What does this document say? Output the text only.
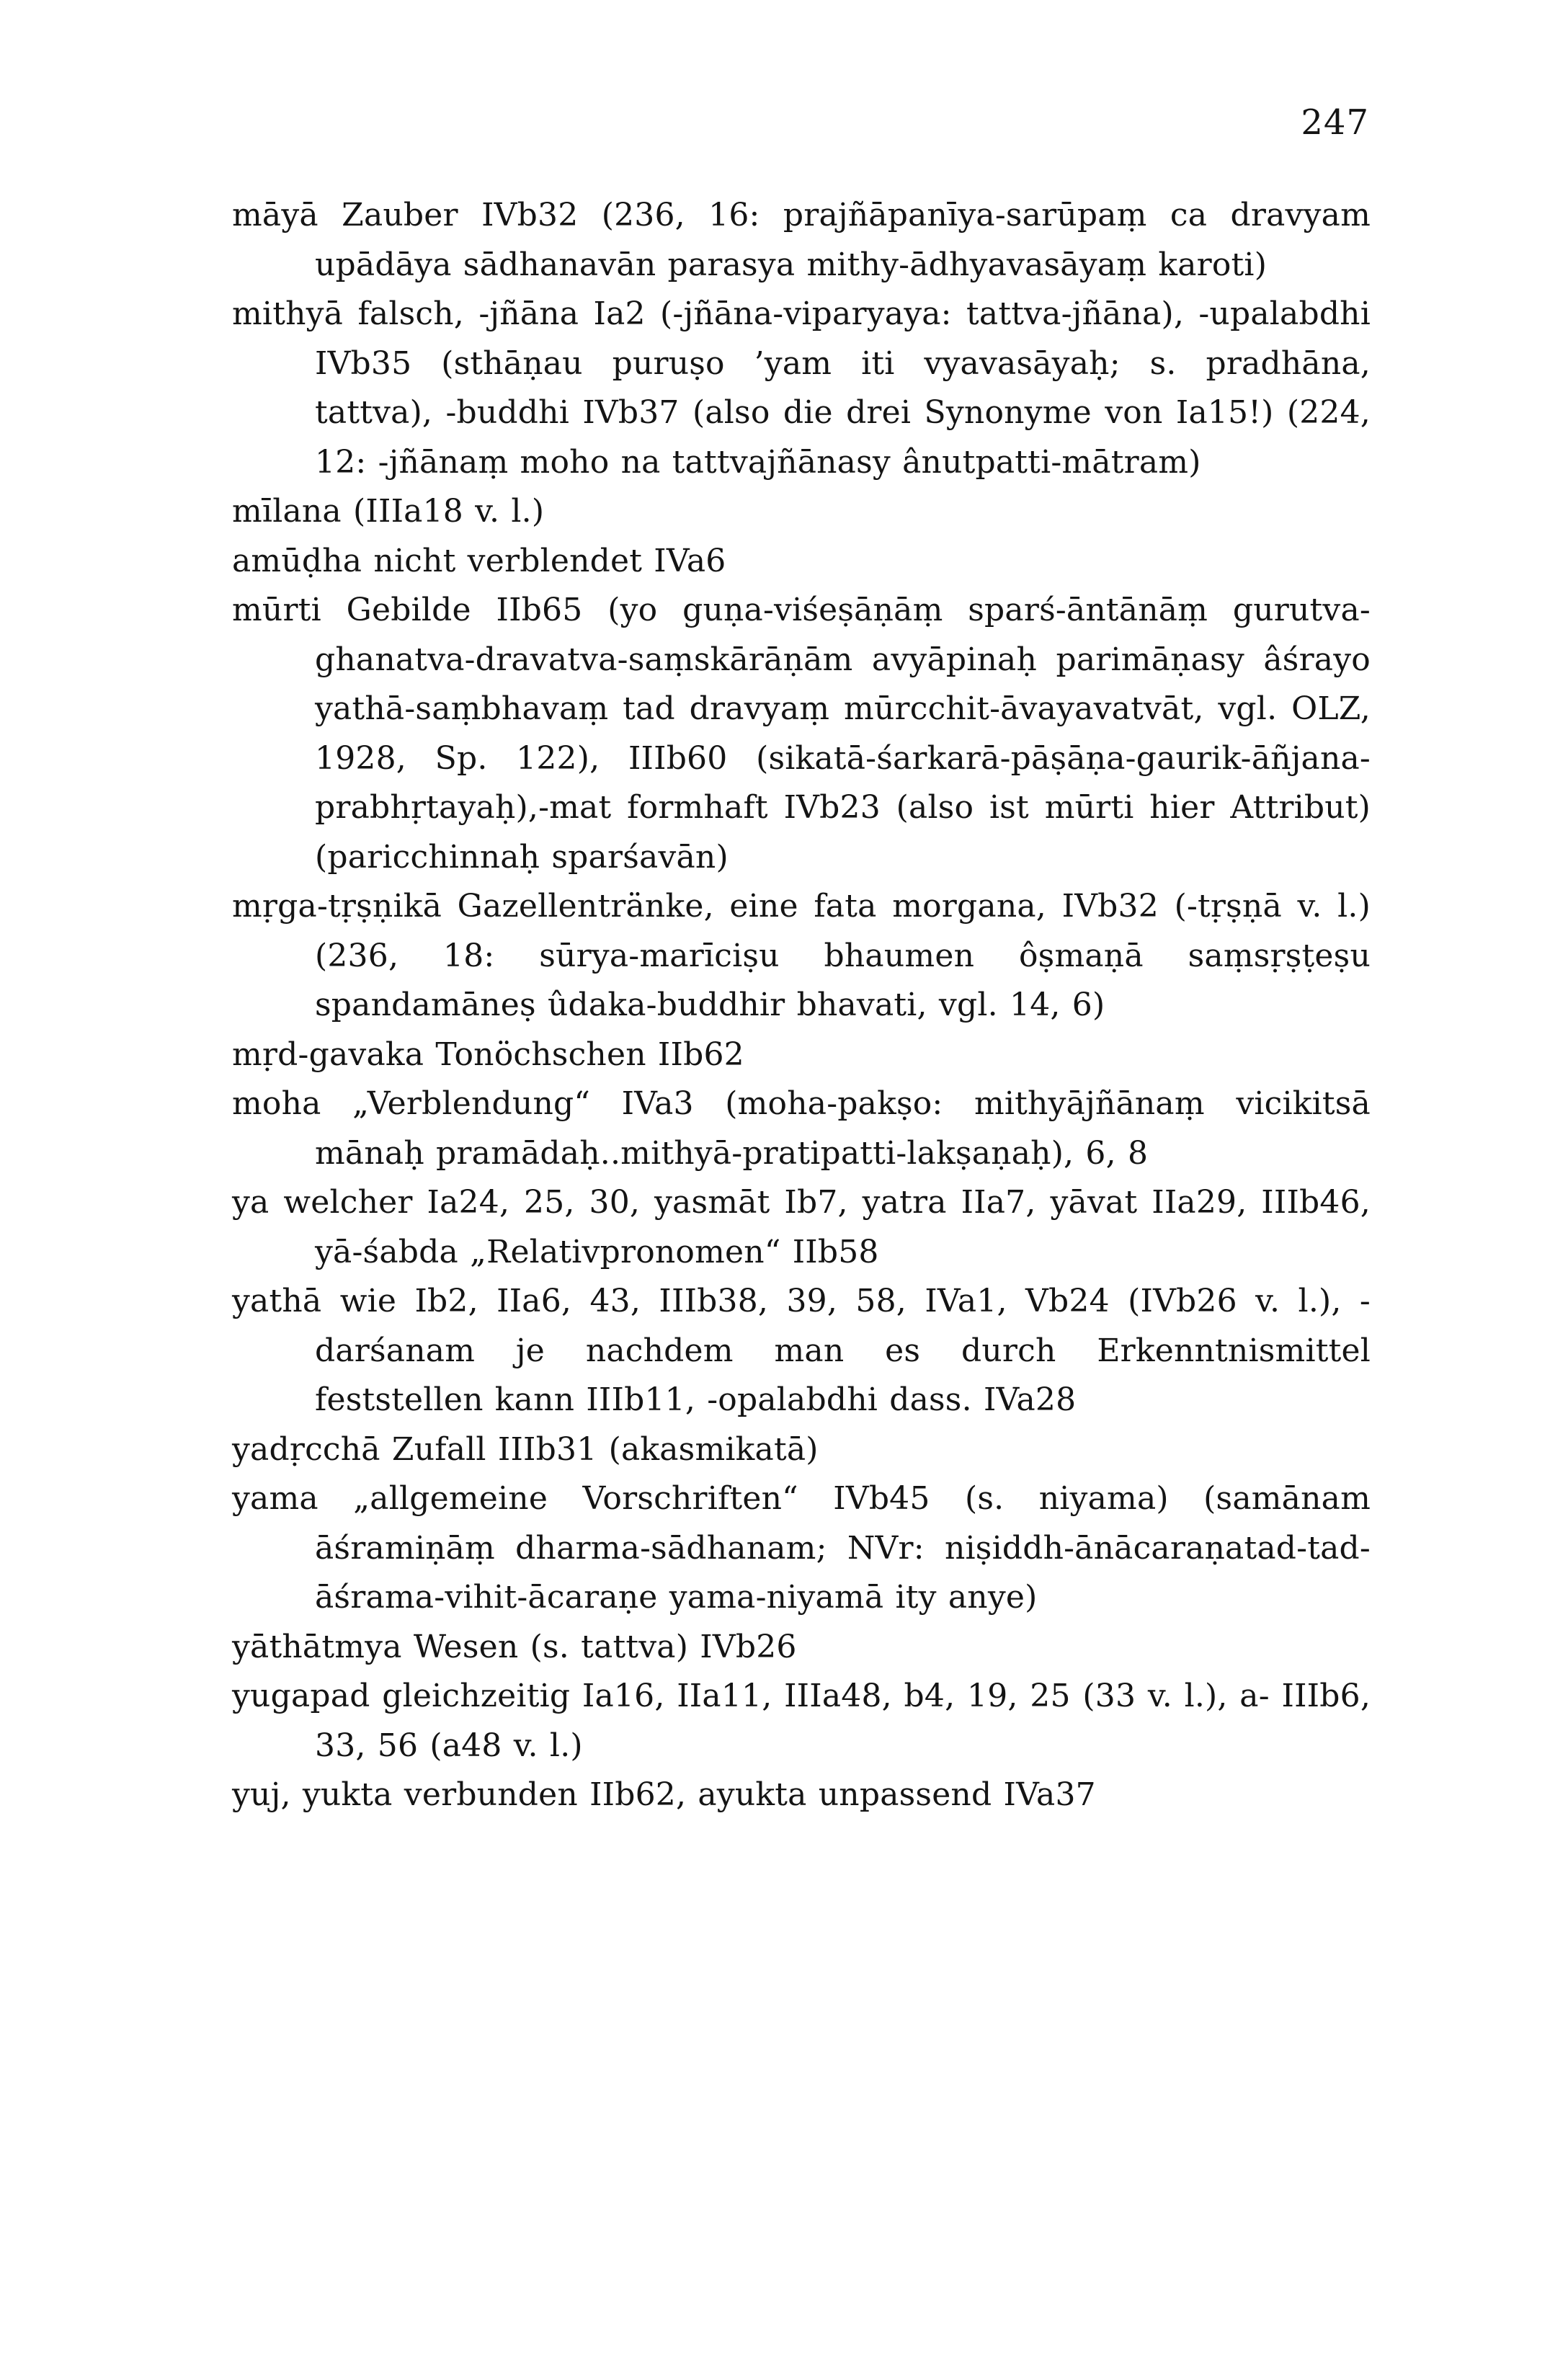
247

māyā Zauber IVb32 (236, 16: prajñāpanīya-sarūpaṃ ca dravyam upādāya sādhanavān parasya mithy-ādhyavasāyaṃ karoti)

mithyā falsch, -jñāna Ia2 (-jñāna-viparyaya: tattva-jñāna), -upalabdhi IVb35 (sthāṇau puruṣo ’yam iti vyavasāyaḥ; s. pradhāna, tattva), -buddhi IVb37 (also die drei Synonyme von Ia15!) (224, 12: -jñānaṃ moho na tattvajñānasy ânutpatti-mātram)

mīlana (IIIa18 v. l.)

amūḍha nicht verblendet IVa6

mūrti Gebilde IIb65 (yo guṇa-viśeṣāṇāṃ sparś-āntānāṃ gurutva-ghanatva-dravatva-saṃskārāṇām avyāpinaḥ parimāṇasy âśrayo yathā-saṃbhavaṃ tad dravyaṃ mūrcchit-āvayavatvāt, vgl. OLZ, 1928, Sp. 122), IIIb60 (sikatā-śarkarā-pāṣāṇa-gaurik-āñjana-prabhṛtayaḥ),-mat formhaft IVb23 (also ist mūrti hier Attribut) (paricchinnaḥ sparśavān)

mṛga-tṛṣṇikā Gazellentränke, eine fata morgana, IVb32 (-tṛṣṇā v. l.) (236, 18: sūrya-marīciṣu bhaumen ôṣmaṇā saṃsṛṣṭeṣu spandamāneṣ ûdaka-buddhir bhavati, vgl. 14, 6)

mṛd-gavaka Tonöchschen IIb62

moha „Verblendung“ IVa3 (moha-pakṣo: mithyājñānaṃ vicikitsā mānaḥ pramādaḥ..mithyā-pratipatti-lakṣaṇaḥ), 6, 8

ya welcher Ia24, 25, 30, yasmāt Ib7, yatra IIa7, yāvat IIa29, IIIb46, yā-śabda „Relativpronomen“ IIb58

yathā wie Ib2, IIa6, 43, IIIb38, 39, 58, IVa1, Vb24 (IVb26 v. l.), -darśanam je nachdem man es durch Erkenntnismittel feststellen kann IIIb11, -opalabdhi dass. IVa28

yadṛcchā Zufall IIIb31 (akasmikatā)

yama „allgemeine Vorschriften“ IVb45 (s. niyama) (samānam āśramiṇāṃ dharma-sādhanam; NVr: niṣiddh-ānācaraṇatad-tad-āśrama-vihit-ācaraṇe yama-niyamā ity anye)

yāthātmya Wesen (s. tattva) IVb26

yugapad gleichzeitig Ia16, IIa11, IIIa48, b4, 19, 25 (33 v. l.), a- IIIb6, 33, 56 (a48 v. l.)

yuj, yukta verbunden IIb62, ayukta unpassend IVa37
